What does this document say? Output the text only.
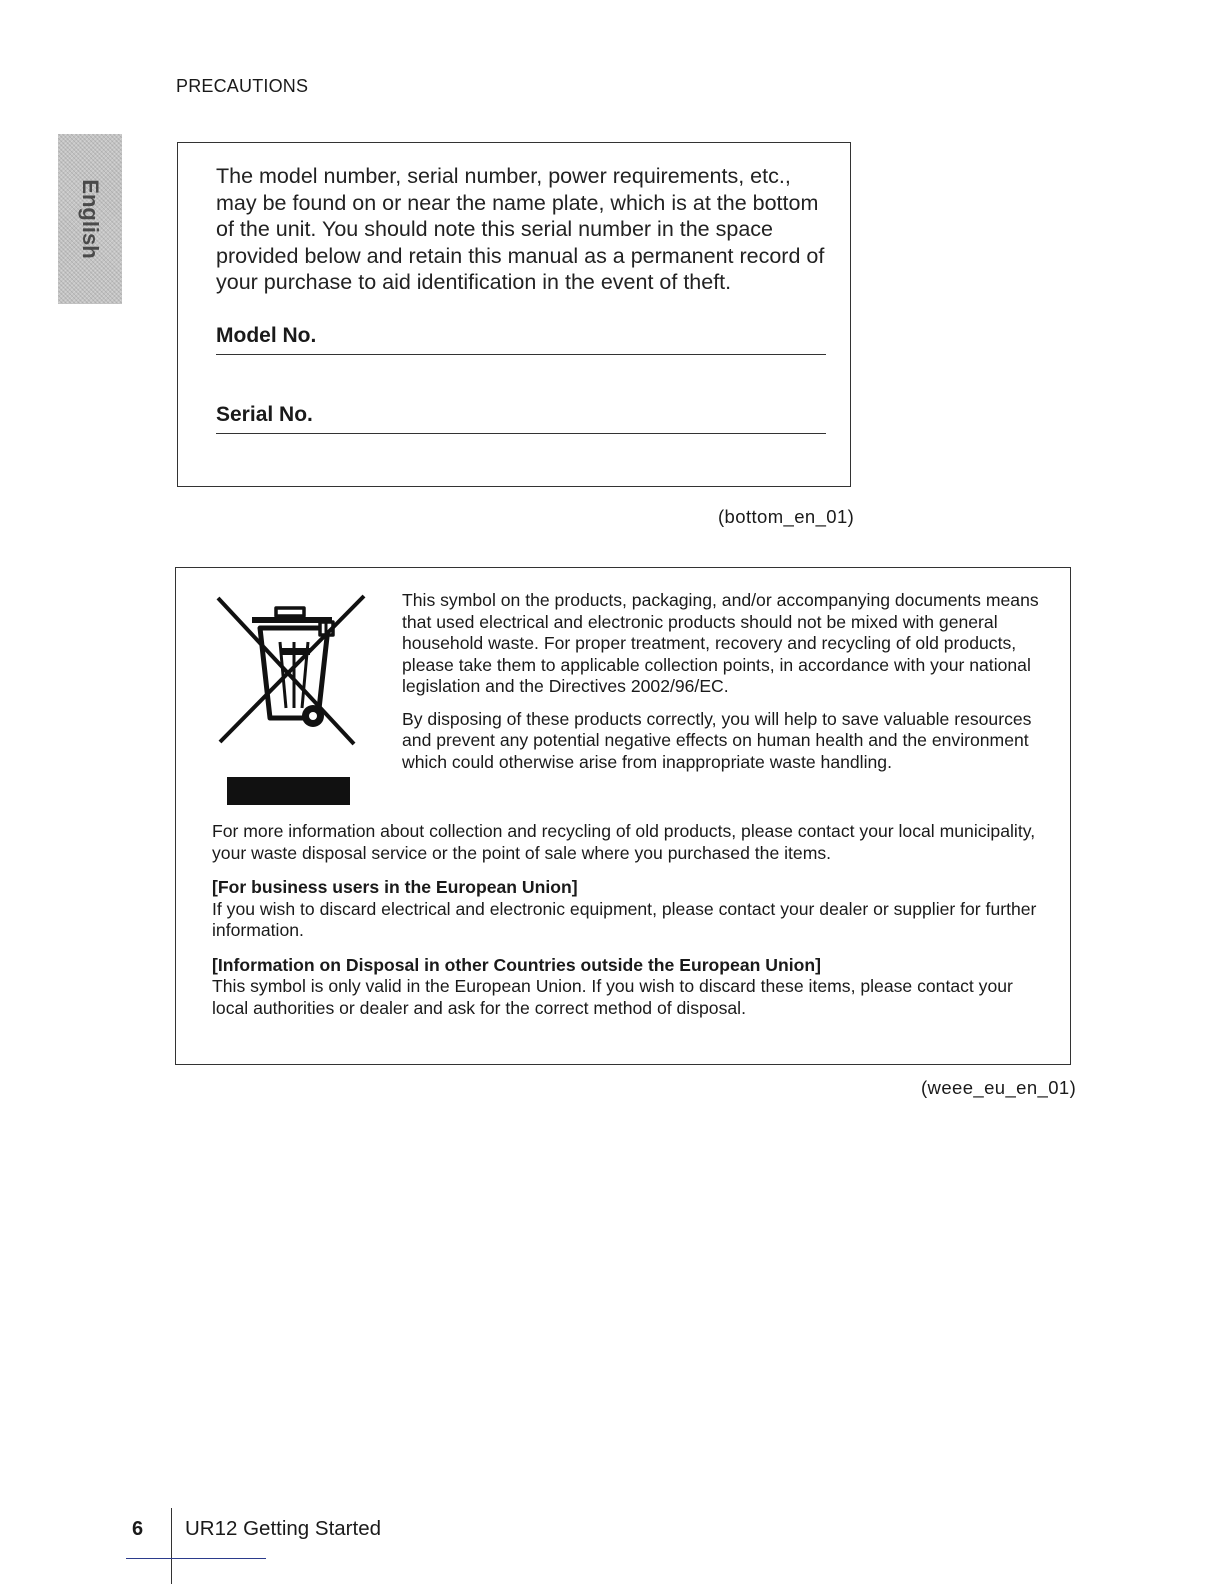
PRECAUTIONS
English

The model number, serial number, power requirements, etc., may be found on or near the name plate, which is at the bottom of the unit. You should note this serial number in the space provided below and retain this manual as a permanent record of your purchase to aid identification in the event of theft.

Model No.
Serial No.
(bottom_en_01)

This symbol on the products, packaging, and/or accompanying documents means that used electrical and electronic products should not be mixed with general household waste. For proper treatment, recovery and recycling of old products, please take them to applicable collection points, in accordance with your national legislation and the Directives 2002/96/EC.

By disposing of these products correctly, you will help to save valuable resources and prevent any potential negative effects on human health and the environment which could otherwise arise from inappropriate waste handling.

For more information about collection and recycling of old products, please contact your local municipality, your waste disposal service or the point of sale where you purchased the items.

[For business users in the European Union]
If you wish to discard electrical and electronic equipment, please contact your dealer or supplier for further information.

[Information on Disposal in other Countries outside the European Union]
This symbol is only valid in the European Union. If you wish to discard these items, please contact your local authorities or dealer and ask for the correct method of disposal.

(weee_eu_en_01)
6 UR12 Getting Started
